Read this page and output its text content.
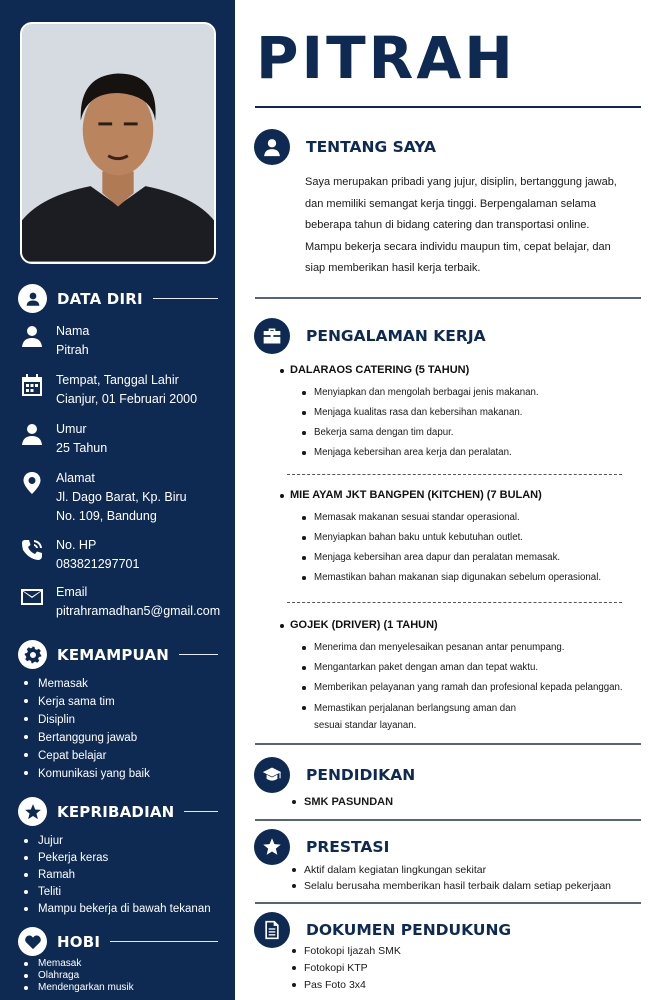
DATA DIRI
Nama
Pitrah
Tempat, Tanggal Lahir
Cianjur, 01 Februari 2000
Umur
25 Tahun
Alamat
Jl. Dago Barat, Kp. Biru
No. 109, Bandung
No. HP
083821297701
Email
pitrahramadhan5@gmail.com
KEMAMPUAN
Memasak
Kerja sama tim
Disiplin
Bertanggung jawab
Cepat belajar
Komunikasi yang baik
KEPRIBADIAN
Jujur
Pekerja keras
Ramah
Teliti
Mampu bekerja di bawah tekanan
HOBI
Memasak
Olahraga
Mendengarkan musik
PITRAH
TENTANG SAYA
Saya merupakan pribadi yang jujur, disiplin, bertanggung jawab,
dan memiliki semangat kerja tinggi. Berpengalaman selama
beberapa tahun di bidang catering dan transportasi online.
Mampu bekerja secara individu maupun tim, cepat belajar, dan
siap memberikan hasil kerja terbaik.
PENGALAMAN KERJA
DALARAOS CATERING (5 TAHUN)
Menyiapkan dan mengolah berbagai jenis makanan.
Menjaga kualitas rasa dan kebersihan makanan.
Bekerja sama dengan tim dapur.
Menjaga kebersihan area kerja dan peralatan.
MIE AYAM JKT BANGPEN (KITCHEN) (7 BULAN)
Memasak makanan sesuai standar operasional.
Menyiapkan bahan baku untuk kebutuhan outlet.
Menjaga kebersihan area dapur dan peralatan memasak.
Memastikan bahan makanan siap digunakan sebelum operasional.
GOJEK (DRIVER) (1 TAHUN)
Menerima dan menyelesaikan pesanan antar penumpang.
Mengantarkan paket dengan aman dan tepat waktu.
Memberikan pelayanan yang ramah dan profesional kepada pelanggan.
Memastikan perjalanan berlangsung aman dan sesuai standar layanan.
PENDIDIKAN
SMK PASUNDAN
PRESTASI
Aktif dalam kegiatan lingkungan sekitar
Selalu berusaha memberikan hasil terbaik dalam setiap pekerjaan
DOKUMEN PENDUKUNG
Fotokopi Ijazah SMK
Fotokopi KTP
Pas Foto 3x4
